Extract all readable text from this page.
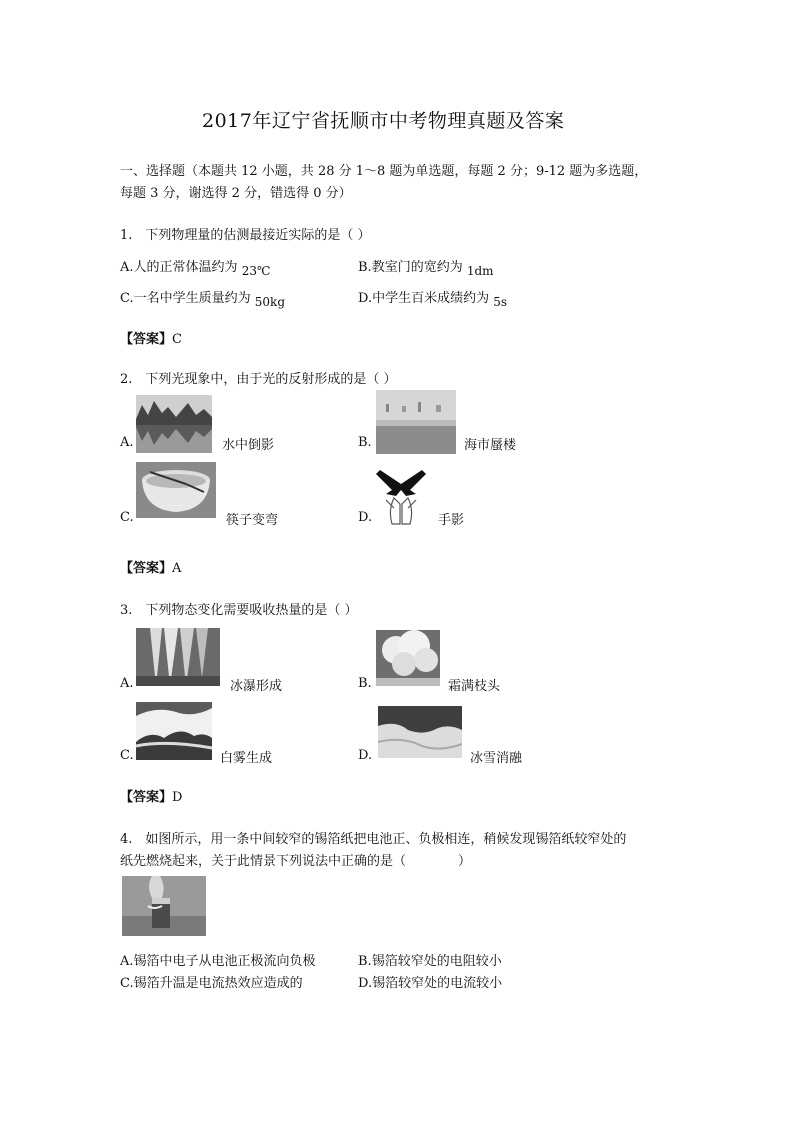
2017年辽宁省抚顺市中考物理真题及答案
一、选择题（本题共 12 小题，共 28 分 1～8 题为单选题，每题 2 分；9-12 题为多选题，
每题 3 分，谢选得 2 分，错选得 0 分）
1.　下列物理量的估测最接近实际的是（ ）
A.人的正常体温约为 23℃	B.教室门的宽约为 1dm
C.一名中学生质量约为 50kg	D.中学生百米成绩约为 5s
【答案】C
2.　下列光现象中，由于光的反射形成的是（ ）
A.	水中倒影	B.	海市蜃楼
C.	筷子变弯	D.	手影
【答案】A
3.　下列物态变化需要吸收热量的是（ ）
A.	冰瀑形成	B.	霜满枝头
C.	白雾生成	D.	冰雪消融
【答案】D
4.　如图所示，用一条中间较窄的锡箔纸把电池正、负极相连，稍候发现锡箔纸较窄处的
纸先燃烧起来，关于此情景下列说法中正确的是（　　　　）
A.锡箔中电子从电池正极流向负极	B.锡箔较窄处的电阻较小
C.锡箔升温是电流热效应造成的	D.锡箔较窄处的电流较小
